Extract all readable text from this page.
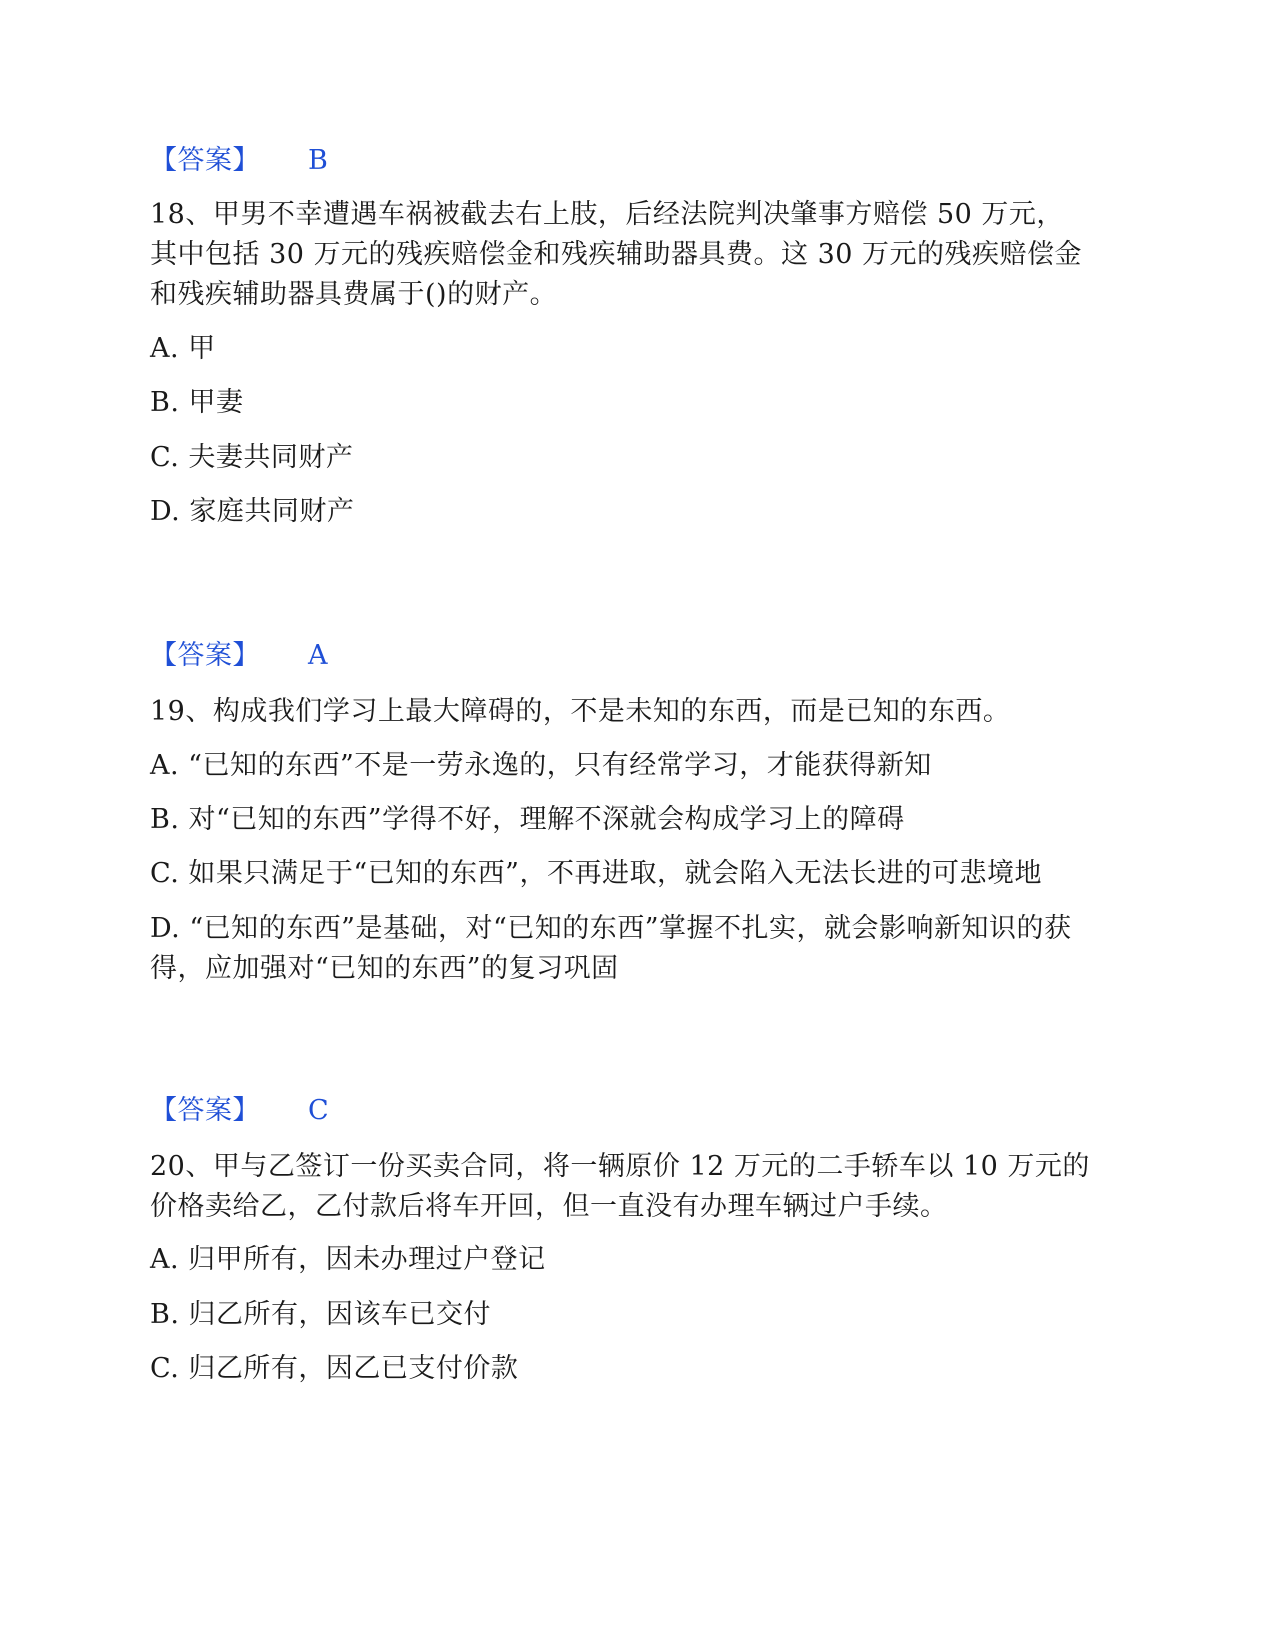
【答案】 B
18、甲男不幸遭遇车祸被截去右上肢，后经法院判决肇事方赔偿 50 万元，
其中包括 30 万元的残疾赔偿金和残疾辅助器具费。这 30 万元的残疾赔偿金
和残疾辅助器具费属于()的财产。
A. 甲
B. 甲妻
C. 夫妻共同财产
D. 家庭共同财产
【答案】 A
19、构成我们学习上最大障碍的，不是未知的东西，而是已知的东西。
A. “已知的东西”不是一劳永逸的，只有经常学习，才能获得新知
B. 对“已知的东西”学得不好，理解不深就会构成学习上的障碍
C. 如果只满足于“已知的东西”，不再进取，就会陷入无法长进的可悲境地
D. “已知的东西”是基础，对“已知的东西”掌握不扎实，就会影响新知识的获
得，应加强对“已知的东西”的复习巩固
【答案】 C
20、甲与乙签订一份买卖合同，将一辆原价 12 万元的二手轿车以 10 万元的
价格卖给乙，乙付款后将车开回，但一直没有办理车辆过户手续。
A. 归甲所有，因未办理过户登记
B. 归乙所有，因该车已交付
C. 归乙所有，因乙已支付价款
